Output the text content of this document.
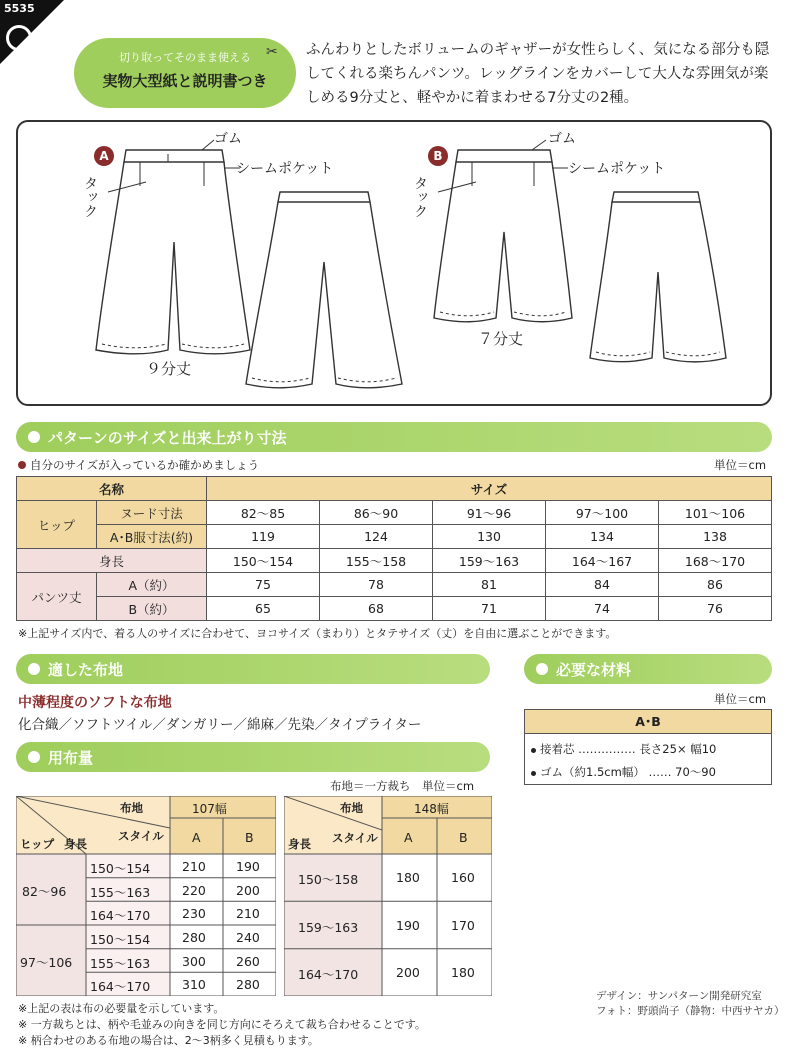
5535
切り取ってそのまま使える
実物大型紙と説明書つき
✂ ふんわりとしたボリュームのギャザーが女性らしく、気になる部分も隠してくれる楽ちんパンツ。レッグラインをカバーして大人な雰囲気が楽しめる9分丈と、軽やかに着まわせる7分丈の2種。

A
ゴム
シームポケット
タック
９分丈
B
ゴム
シームポケット
タック
７分丈
パターンのサイズと出来上がり寸法
自分のサイズが入っているか確かめましょう	単位＝cm
名称		サイズ				
ヒップ	ヌード寸法	82〜85	86〜90	91〜96	97〜100	101〜106
	A･B服寸法(約)	119	124	130	134	138
身長		150〜154	155〜158	159〜163	164〜167	168〜170
パンツ丈	A（約）	75	78	81	84	86
	B（約）	65	68	71	74	76
※上記サイズ内で、着る人のサイズに合わせて、ヨコサイズ（まわり）とタテサイズ（丈）を自由に選ぶことができます。
適した布地
中薄程度のソフトな布地
化合織／ソフトツイル／ダンガリー／綿麻／先染／タイプライター
必要な材料
単位＝cm
A･B
接着芯 …………… 長さ25× 幅10
ゴム（約1.5cm幅） …… 70〜90
用布量
布地＝一方裁ち　単位＝cm
布地	107幅
スタイル
身長
ヒップ	A	B
82〜96
150〜154	210 190
155〜163	220 200
164〜170	230 210
97〜106
150〜154	280 240
155〜163	300 260
164〜170	310 280
布地	148幅
スタイル
身長	A	B
150〜158	180 160
159〜163	190 170
164〜170	200 180
※上記の表は布の必要量を示しています。
※ 一方裁ちとは、柄や毛並みの向きを同じ方向にそろえて裁ち合わせることです。
※ 柄合わせのある布地の場合は、2〜3柄多く見積もります。
デザイン：サンパターン開発研究室
フォト：野頭尚子（静物：中西サヤカ）
